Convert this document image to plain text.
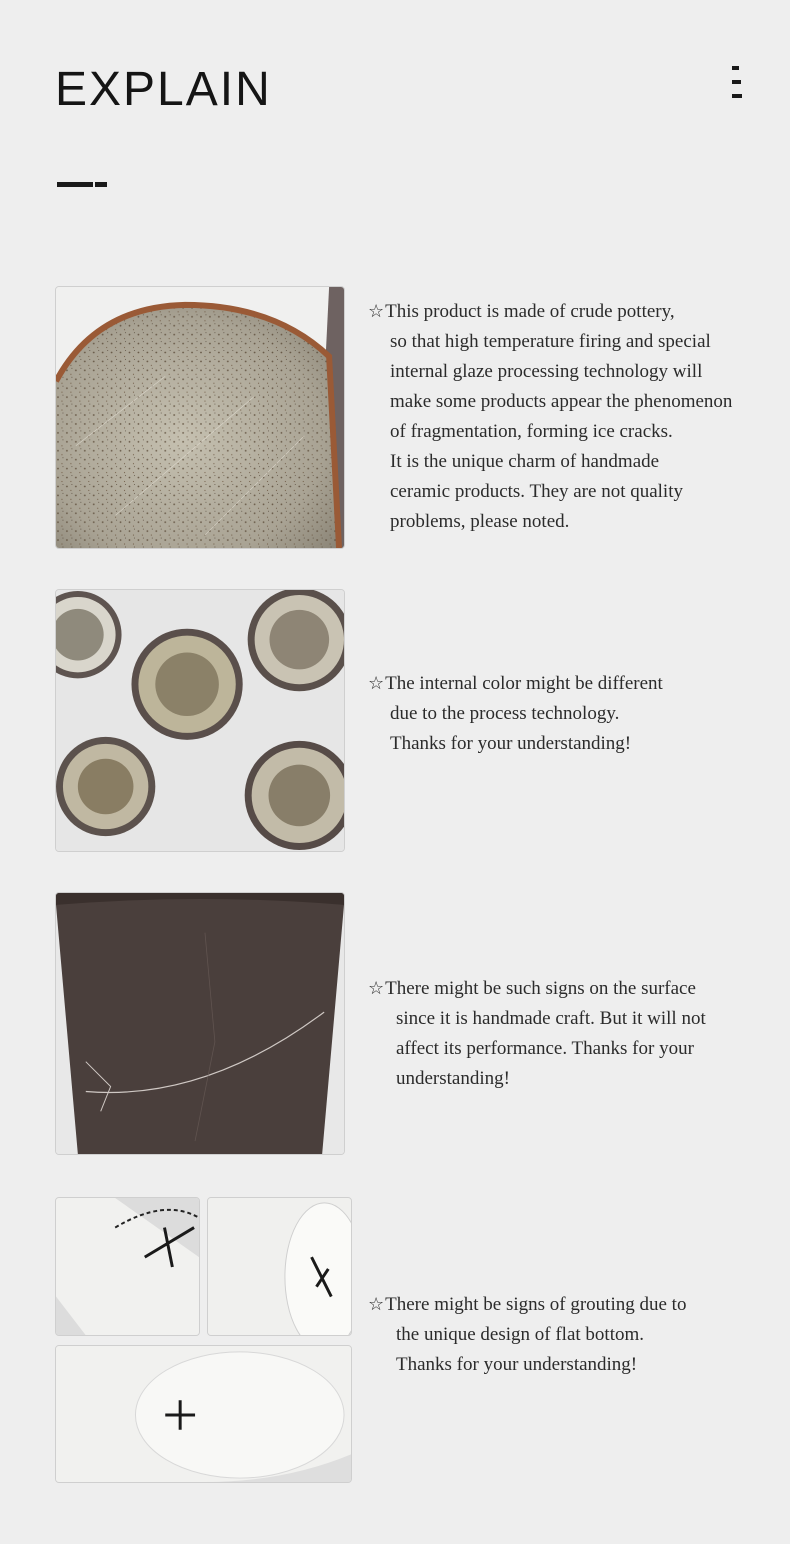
EXPLAIN
☆This product is made of crude pottery,
so that high temperature firing and special
internal glaze processing technology will
make some products appear the phenomenon
of fragmentation, forming ice cracks.
It is the unique charm of handmade
ceramic products. They are not quality
problems, please noted.
☆The internal color might be different
due to the process technology.
Thanks for your understanding!
☆There might be such signs on the surface
since it is handmade craft. But it will not
affect its performance. Thanks for your
understanding!
☆There might be signs of grouting due to
the unique design of flat bottom.
Thanks for your understanding!
